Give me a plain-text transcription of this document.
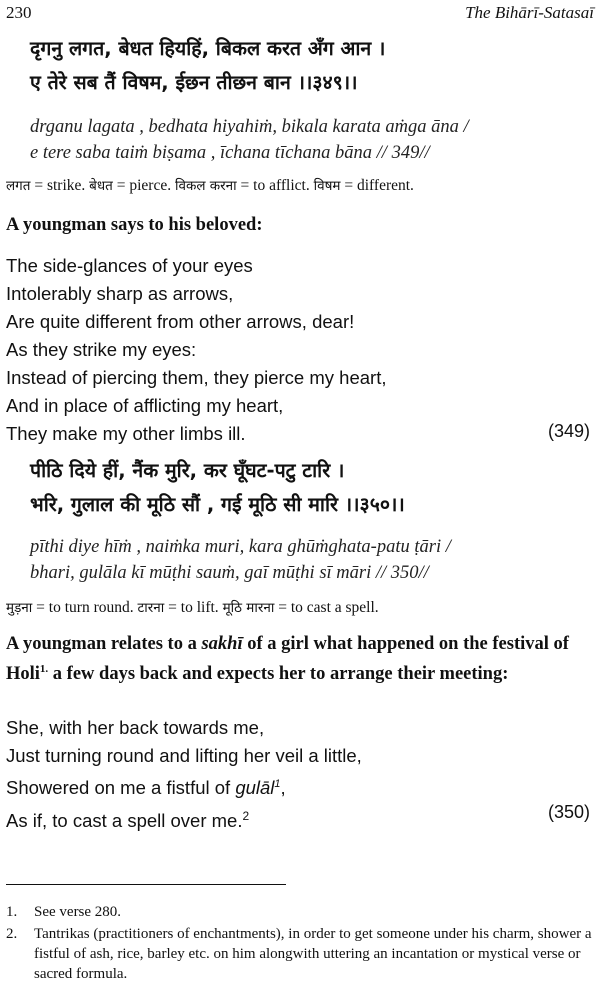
230	The Bihārī-Satasaī
दृगनु लगत, बेधत हियहिं, बिकल करत अँग आन ।
ए तेरे सब तैं विषम, ईछन तीछन बान ।।३४९।।
drganu lagata , bedhata hiyahiṁ, bikala karata aṁga āna /
e tere saba taiṁ biṣama , īchana tīchana bāna // 349//
लगत = strike. बेधत = pierce. विकल करना = to afflict. विषम = different.
A youngman says to his beloved:
The side-glances of your eyes
Intolerably sharp as arrows,
Are quite different from other arrows, dear!
As they strike my eyes:
Instead of piercing them, they pierce my heart,
And in place of afflicting my heart,
They make my other limbs ill.	(349)
पीठि दिये हीं, नैंक मुरि, कर घूँघट-पटु टारि ।
भरि, गुलाल की मूठि सौं , गई मूठि सी मारि ।।३५०।।
pīthi diye hīṁ , naiṁka muri, kara ghūṁghata-patu ṭāri /
bhari, gulāla kī mūṭhi sauṁ, gaī mūṭhi sī māri // 350//
मुड़ना = to turn round. टारना = to lift. मूठि मारना = to cast a spell.
A youngman relates to a sakhī of a girl what happened on the festival of Holi$^{1.}$ a few days back and expects her to arrange their meeting:
She, with her back towards me,
Just turning round and lifting her veil a little,
Showered on me a fistful of gulāl$^1$,
As if, to cast a spell over me.$^2$	(350)
1. See verse 280.
2. Tantrikas (practitioners of enchantments), in order to get someone under his charm, shower a fistful of ash, rice, barley etc. on him alongwith uttering an incantation or mystical verse or sacred formula.
